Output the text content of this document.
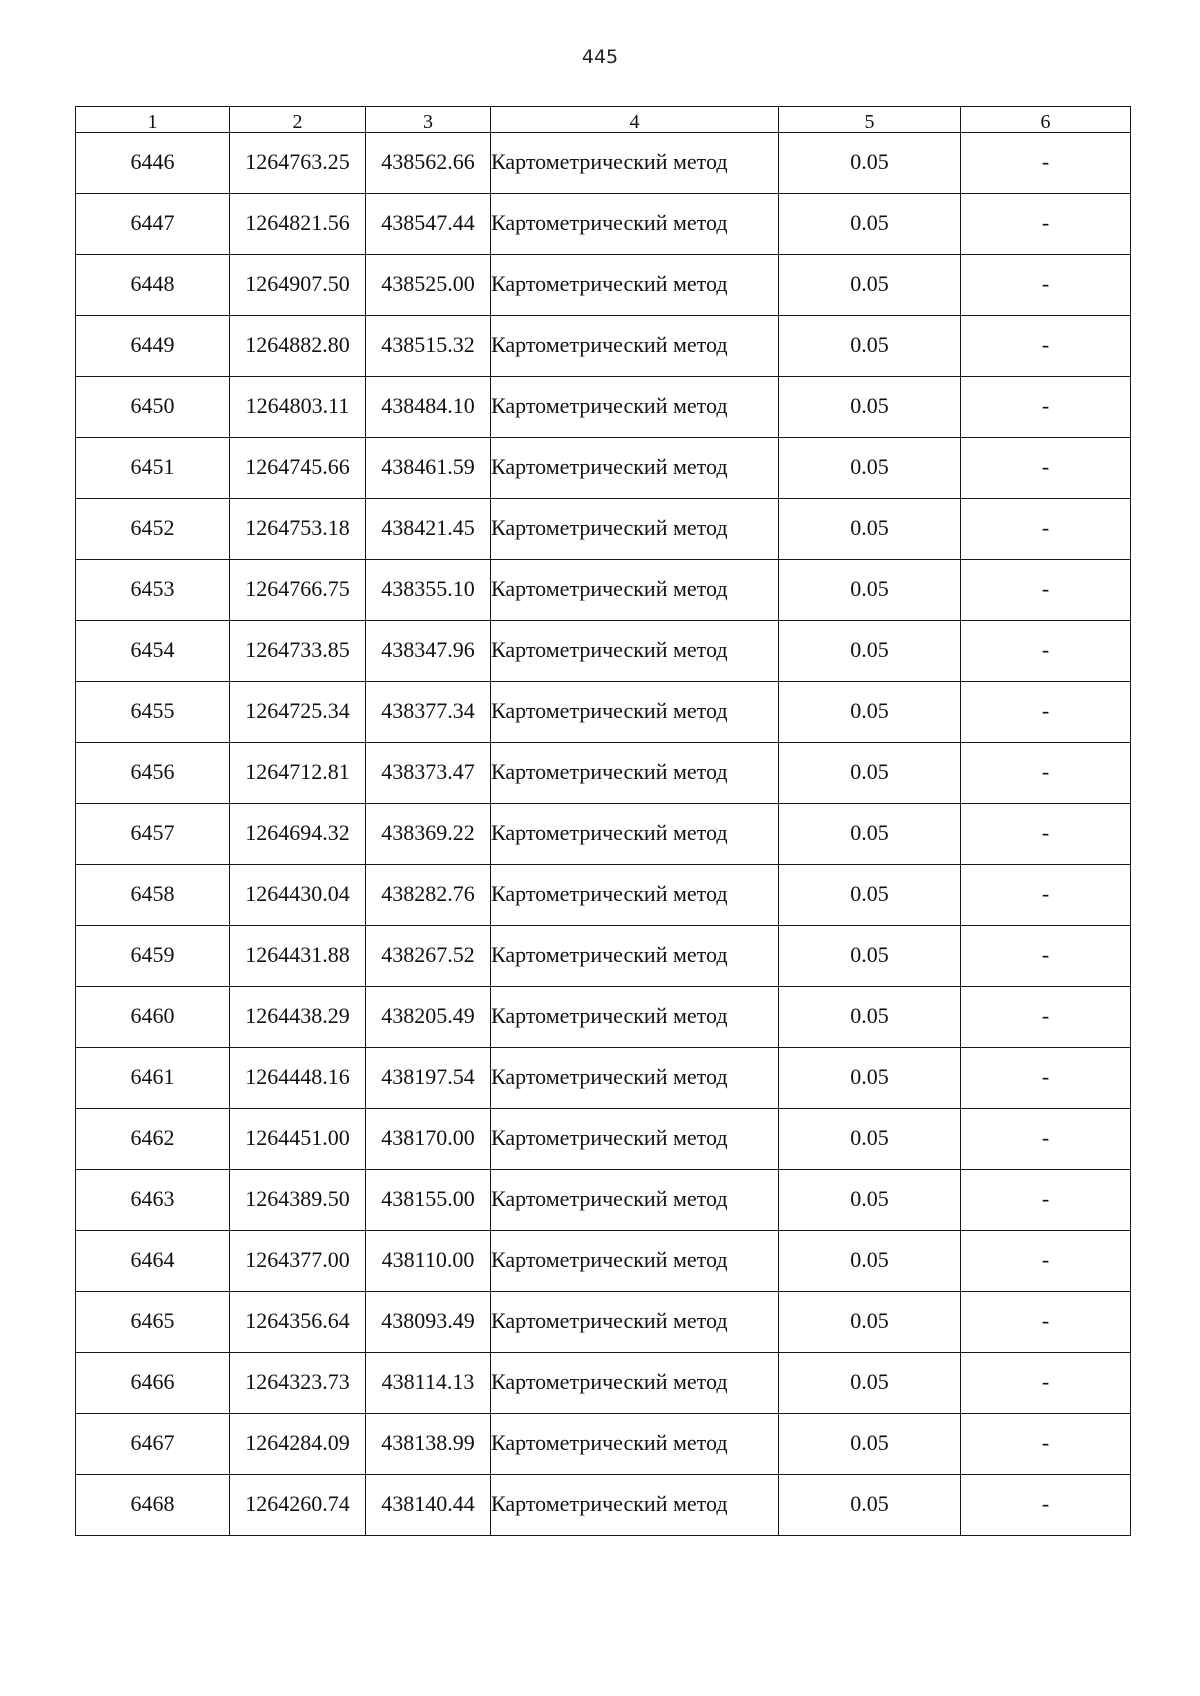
445
1	2	3	4	5	6
6446	1264763.25	438562.66	Картометрический метод	0.05	-
6447	1264821.56	438547.44	Картометрический метод	0.05	-
6448	1264907.50	438525.00	Картометрический метод	0.05	-
6449	1264882.80	438515.32	Картометрический метод	0.05	-
6450	1264803.11	438484.10	Картометрический метод	0.05	-
6451	1264745.66	438461.59	Картометрический метод	0.05	-
6452	1264753.18	438421.45	Картометрический метод	0.05	-
6453	1264766.75	438355.10	Картометрический метод	0.05	-
6454	1264733.85	438347.96	Картометрический метод	0.05	-
6455	1264725.34	438377.34	Картометрический метод	0.05	-
6456	1264712.81	438373.47	Картометрический метод	0.05	-
6457	1264694.32	438369.22	Картометрический метод	0.05	-
6458	1264430.04	438282.76	Картометрический метод	0.05	-
6459	1264431.88	438267.52	Картометрический метод	0.05	-
6460	1264438.29	438205.49	Картометрический метод	0.05	-
6461	1264448.16	438197.54	Картометрический метод	0.05	-
6462	1264451.00	438170.00	Картометрический метод	0.05	-
6463	1264389.50	438155.00	Картометрический метод	0.05	-
6464	1264377.00	438110.00	Картометрический метод	0.05	-
6465	1264356.64	438093.49	Картометрический метод	0.05	-
6466	1264323.73	438114.13	Картометрический метод	0.05	-
6467	1264284.09	438138.99	Картометрический метод	0.05	-
6468	1264260.74	438140.44	Картометрический метод	0.05	-
